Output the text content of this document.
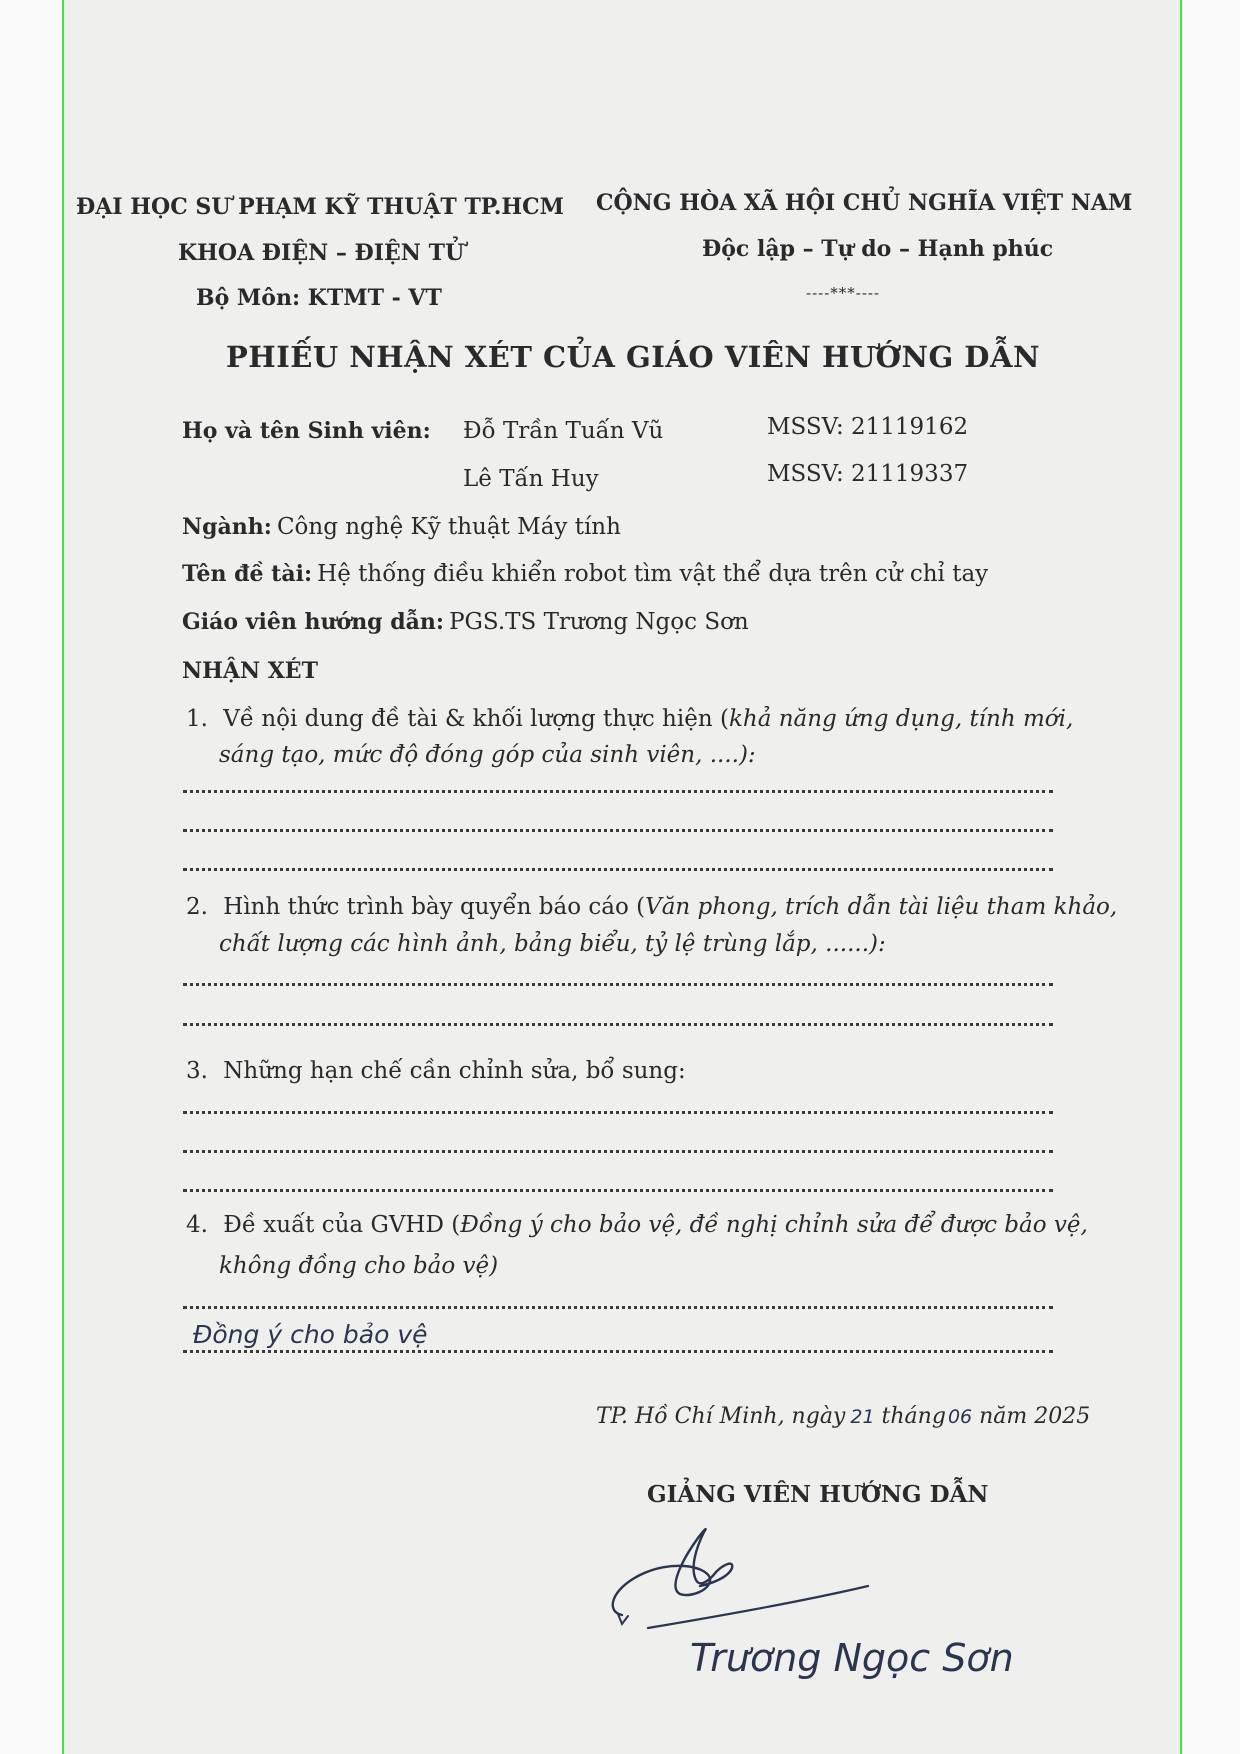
ĐẠI HỌC SƯ PHẠM KỸ THUẬT TP.HCM
KHOA ĐIỆN – ĐIỆN TỬ
Bộ Môn: KTMT - VT
CỘNG HÒA XÃ HỘI CHỦ NGHĨA VIỆT NAM
Độc lập – Tự do – Hạnh phúc
----***----
PHIẾU NHẬN XÉT CỦA GIÁO VIÊN HƯỚNG DẪN
Họ và tên Sinh viên: Đỗ Trần Tuấn Vũ	MSSV: 21119162
Lê Tấn Huy	MSSV: 21119337
Ngành: Công nghệ Kỹ thuật Máy tính
Tên đề tài: Hệ thống điều khiển robot tìm vật thể dựa trên cử chỉ tay
Giáo viên hướng dẫn: PGS.TS Trương Ngọc Sơn
NHẬN XÉT
1. Về nội dung đề tài & khối lượng thực hiện (khả năng ứng dụng, tính mới,
sáng tạo, mức độ đóng góp của sinh viên, ....):
2. Hình thức trình bày quyển báo cáo (Văn phong, trích dẫn tài liệu tham khảo,
chất lượng các hình ảnh, bảng biểu, tỷ lệ trùng lắp, ......):
3. Những hạn chế cần chỉnh sửa, bổ sung:
4. Đề xuất của GVHD (Đồng ý cho bảo vệ, đề nghị chỉnh sửa để được bảo vệ,
không đồng cho bảo vệ)
Đồng ý cho bảo vệ
TP. Hồ Chí Minh, ngày 21 tháng 06 năm 2025
GIẢNG VIÊN HƯỚNG DẪN
Trương Ngọc Sơn
